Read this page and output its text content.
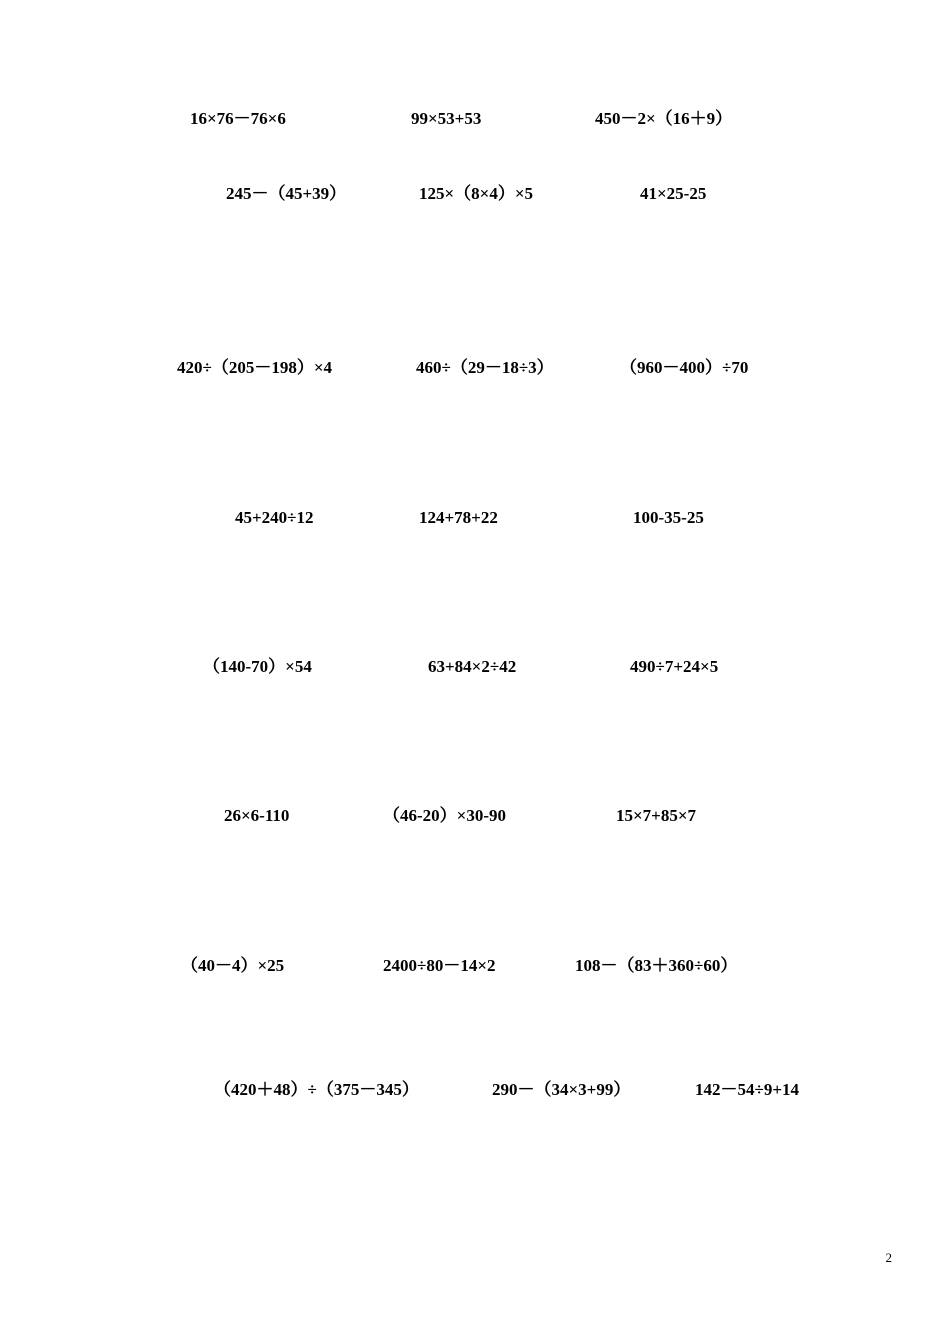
16×76－76×6	99×53+53	450－2×（16＋9）
245－（45+39）	125×（8×4）×5	41×25-25
420÷（205－198）×4	460÷（29－18÷3）	（960－400）÷70
45+240÷12	124+78+22	100-35-25
（140-70）×54	63+84×2÷42	490÷7+24×5
26×6-110	（46-20）×30-90	15×7+85×7
（40－4）×25	2400÷80－14×2	108－（83＋360÷60）
（420＋48）÷（375－345）	290－（34×3+99）	142－54÷9+14
2
